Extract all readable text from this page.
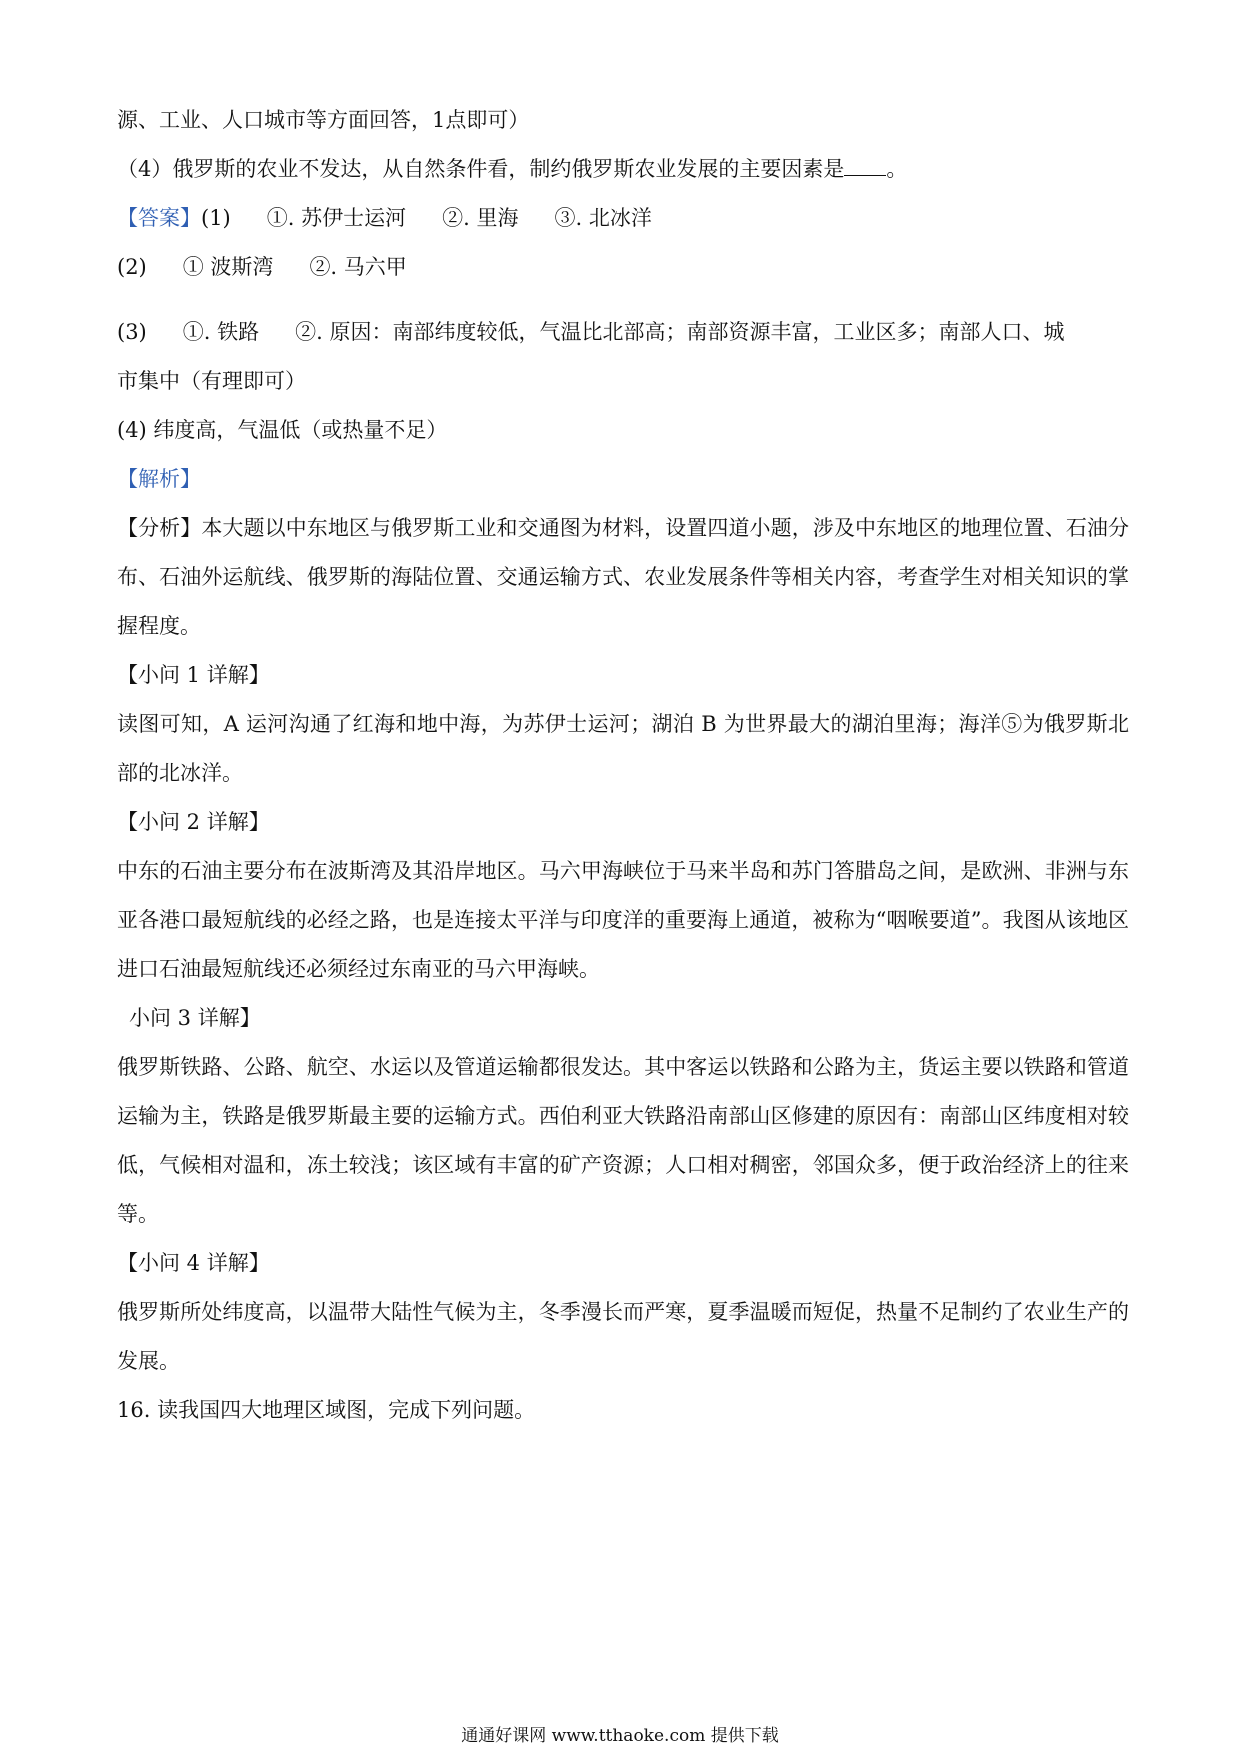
源、工业、人口城市等方面回答，1点即可）
（4）俄罗斯的农业不发达，从自然条件看，制约俄罗斯农业发展的主要因素是 。
【答案】(1) ①. 苏伊士运河 ②. 里海 ③. 北冰洋
(2) ① 波斯湾 ②. 马六甲
(3) ①. 铁路 ②. 原因：南部纬度较低，气温比北部高；南部资源丰富，工业区多；南部人口、城
市集中（有理即可）
(4) 纬度高，气温低（或热量不足）
【解析】
【分析】本大题以中东地区与俄罗斯工业和交通图为材料，设置四道小题，涉及中东地区的地理位置、石油分布、石油外运航线、俄罗斯的海陆位置、交通运输方式、农业发展条件等相关内容，考查学生对相关知识的掌握程度。
【小问 1 详解】
读图可知，A 运河沟通了红海和地中海，为苏伊士运河；湖泊 B 为世界最大的湖泊里海；海洋⑤为俄罗斯北部的北冰洋。
【小问 2 详解】
中东的石油主要分布在波斯湾及其沿岸地区。马六甲海峡位于马来半岛和苏门答腊岛之间，是欧洲、非洲与东亚各港口最短航线的必经之路，也是连接太平洋与印度洋的重要海上通道，被称为“咽喉要道”。我图从该地区进口石油最短航线还必须经过东南亚的马六甲海峡。
小问 3 详解】
俄罗斯铁路、公路、航空、水运以及管道运输都很发达。其中客运以铁路和公路为主，货运主要以铁路和管道运输为主，铁路是俄罗斯最主要的运输方式。西伯利亚大铁路沿南部山区修建的原因有：南部山区纬度相对较低，气候相对温和，冻土较浅；该区域有丰富的矿产资源；人口相对稠密，邻国众多，便于政治经济上的往来等。
【小问 4 详解】
俄罗斯所处纬度高，以温带大陆性气候为主，冬季漫长而严寒，夏季温暖而短促，热量不足制约了农业生产的发展。
16. 读我国四大地理区域图，完成下列问题。
通通好课网 www.tthaoke.com 提供下载
